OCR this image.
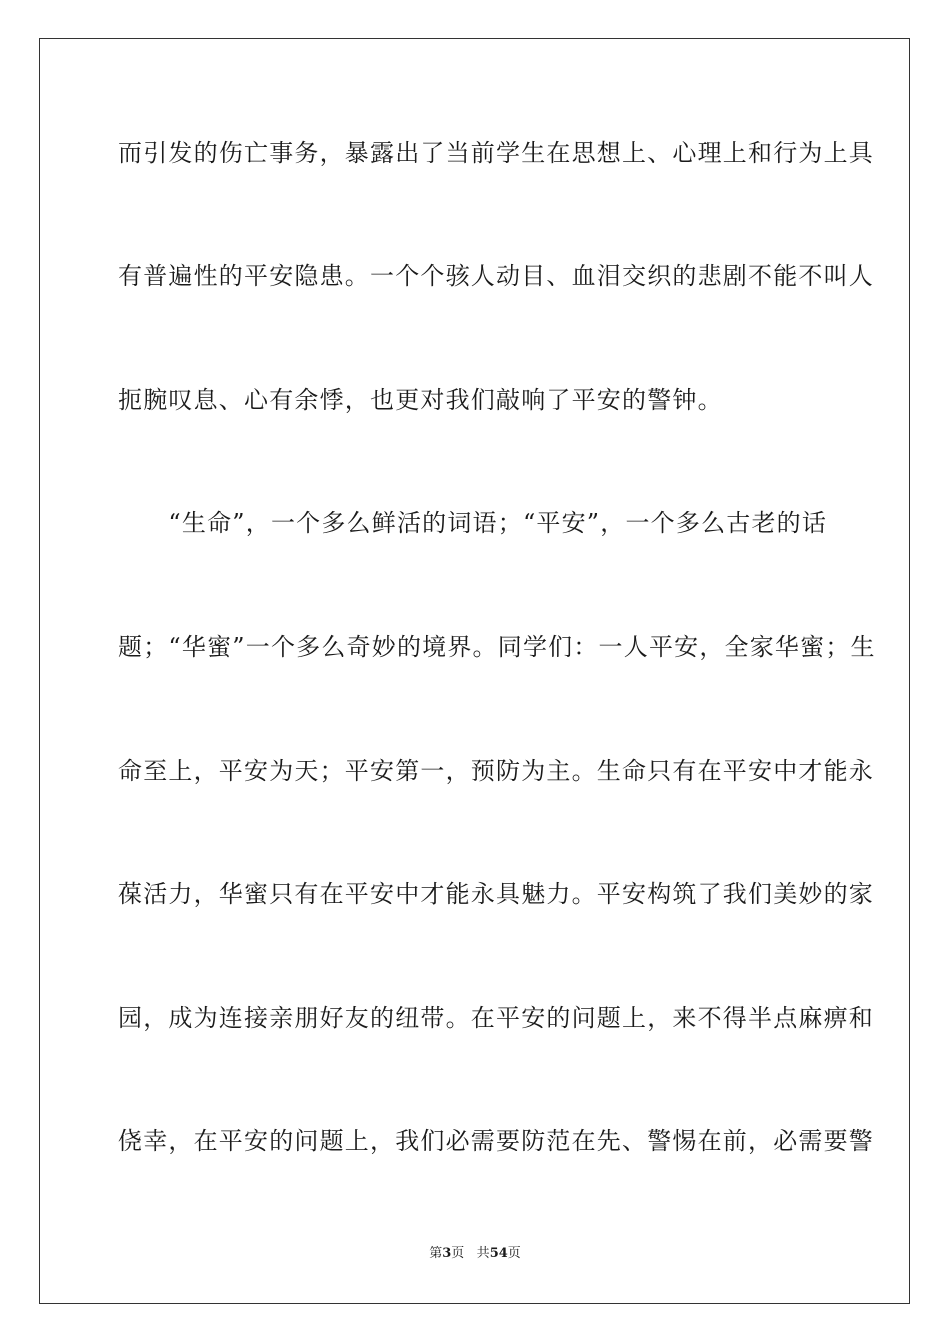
而引发的伤亡事务，暴露出了当前学生在思想上、心理上和行为上具
有普遍性的平安隐患。一个个骇人动目、血泪交织的悲剧不能不叫人
扼腕叹息、心有余悸，也更对我们敲响了平安的警钟。
　　“生命”，一个多么鲜活的词语；“平安”，一个多么古老的话
题；“华蜜”一个多么奇妙的境界。同学们：一人平安，全家华蜜；生
命至上，平安为天；平安第一，预防为主。生命只有在平安中才能永
葆活力，华蜜只有在平安中才能永具魅力。平安构筑了我们美妙的家
园，成为连接亲朋好友的纽带。在平安的问题上，来不得半点麻痹和
侥幸，在平安的问题上，我们必需要防范在先、警惕在前，必需要警
第3页 共54页
